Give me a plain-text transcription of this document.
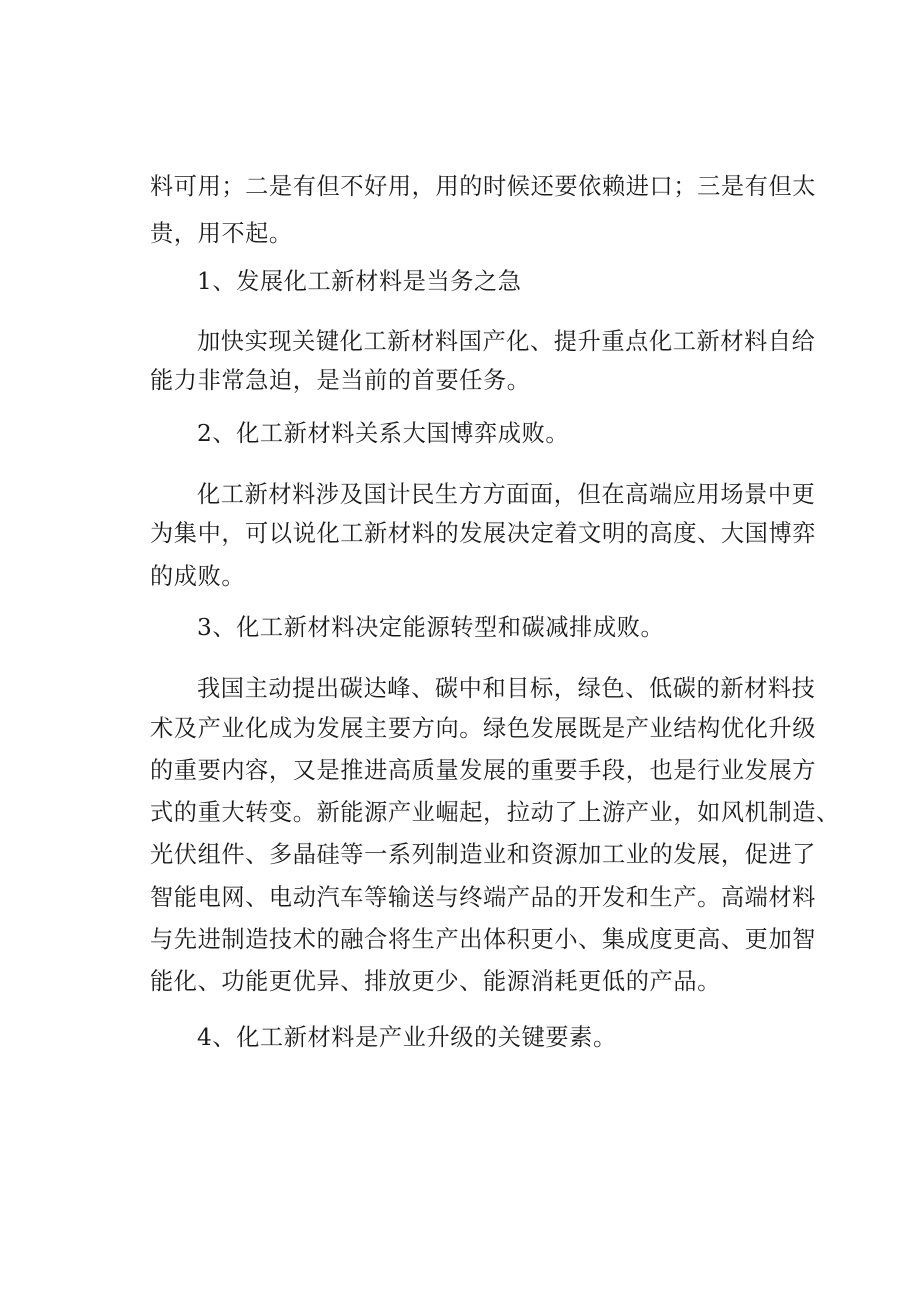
料可用；二是有但不好用，用的时候还要依赖进口；三是有但太

贵，用不起。

1、发展化工新材料是当务之急

加快实现关键化工新材料国产化、提升重点化工新材料自给

能力非常急迫，是当前的首要任务。

2、化工新材料关系大国博弈成败。

化工新材料涉及国计民生方方面面，但在高端应用场景中更

为集中，可以说化工新材料的发展决定着文明的高度、大国博弈

的成败。

3、化工新材料决定能源转型和碳减排成败。

我国主动提出碳达峰、碳中和目标，绿色、低碳的新材料技

术及产业化成为发展主要方向。绿色发展既是产业结构优化升级

的重要内容，又是推进高质量发展的重要手段，也是行业发展方

式的重大转变。新能源产业崛起，拉动了上游产业，如风机制造、

光伏组件、多晶硅等一系列制造业和资源加工业的发展，促进了

智能电网、电动汽车等输送与终端产品的开发和生产。高端材料

与先进制造技术的融合将生产出体积更小、集成度更高、更加智

能化、功能更优异、排放更少、能源消耗更低的产品。

4、化工新材料是产业升级的关键要素。
